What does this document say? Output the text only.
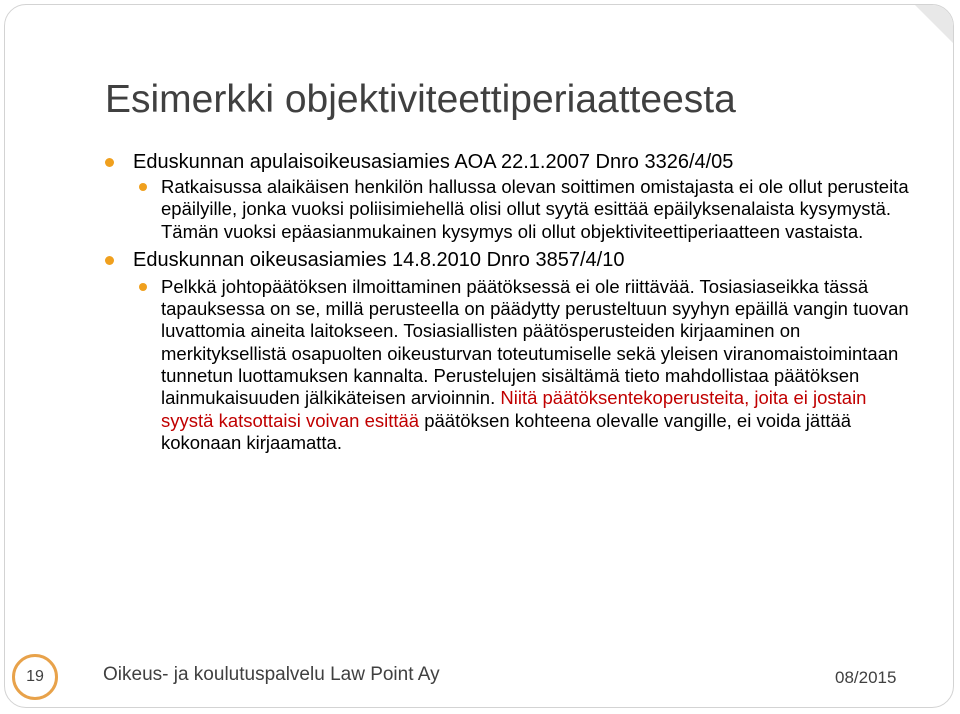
Esimerkki objektiviteettiperiaatteesta
Eduskunnan apulaisoikeusasiamies AOA 22.1.2007 Dnro 3326/4/05
Ratkaisussa alaikäisen henkilön hallussa olevan soittimen omistajasta ei ole ollut perusteita epäilyille, jonka vuoksi poliisimiehellä olisi ollut syytä esittää epäilyksenalaista kysymystä. Tämän vuoksi epäasianmukainen kysymys oli ollut objektiviteettiperiaatteen vastaista.
Eduskunnan oikeusasiamies 14.8.2010 Dnro 3857/4/10
Pelkkä johtopäätöksen ilmoittaminen päätöksessä ei ole riittävää. Tosiasiaseikka tässä tapauksessa on se, millä perusteella on päädytty perusteltuun syyhyn epäillä vangin tuovan luvattomia aineita laitokseen. Tosiasiallisten päätösperusteiden kirjaaminen on merkityksellistä osapuolten oikeusturvan toteutumiselle sekä yleisen viranomaistoimintaan tunnetun luottamuksen kannalta. Perustelujen sisältämä tieto mahdollistaa päätöksen lainmukaisuuden jälkikäteisen arvioinnin. Niitä päätöksentekoperusteita, joita ei jostain syystä katsottaisi voivan esittää päätöksen kohteena olevalle vangille, ei voida jättää kokonaan kirjaamatta.
19	Oikeus- ja koulutuspalvelu Law Point Ay	08/2015
